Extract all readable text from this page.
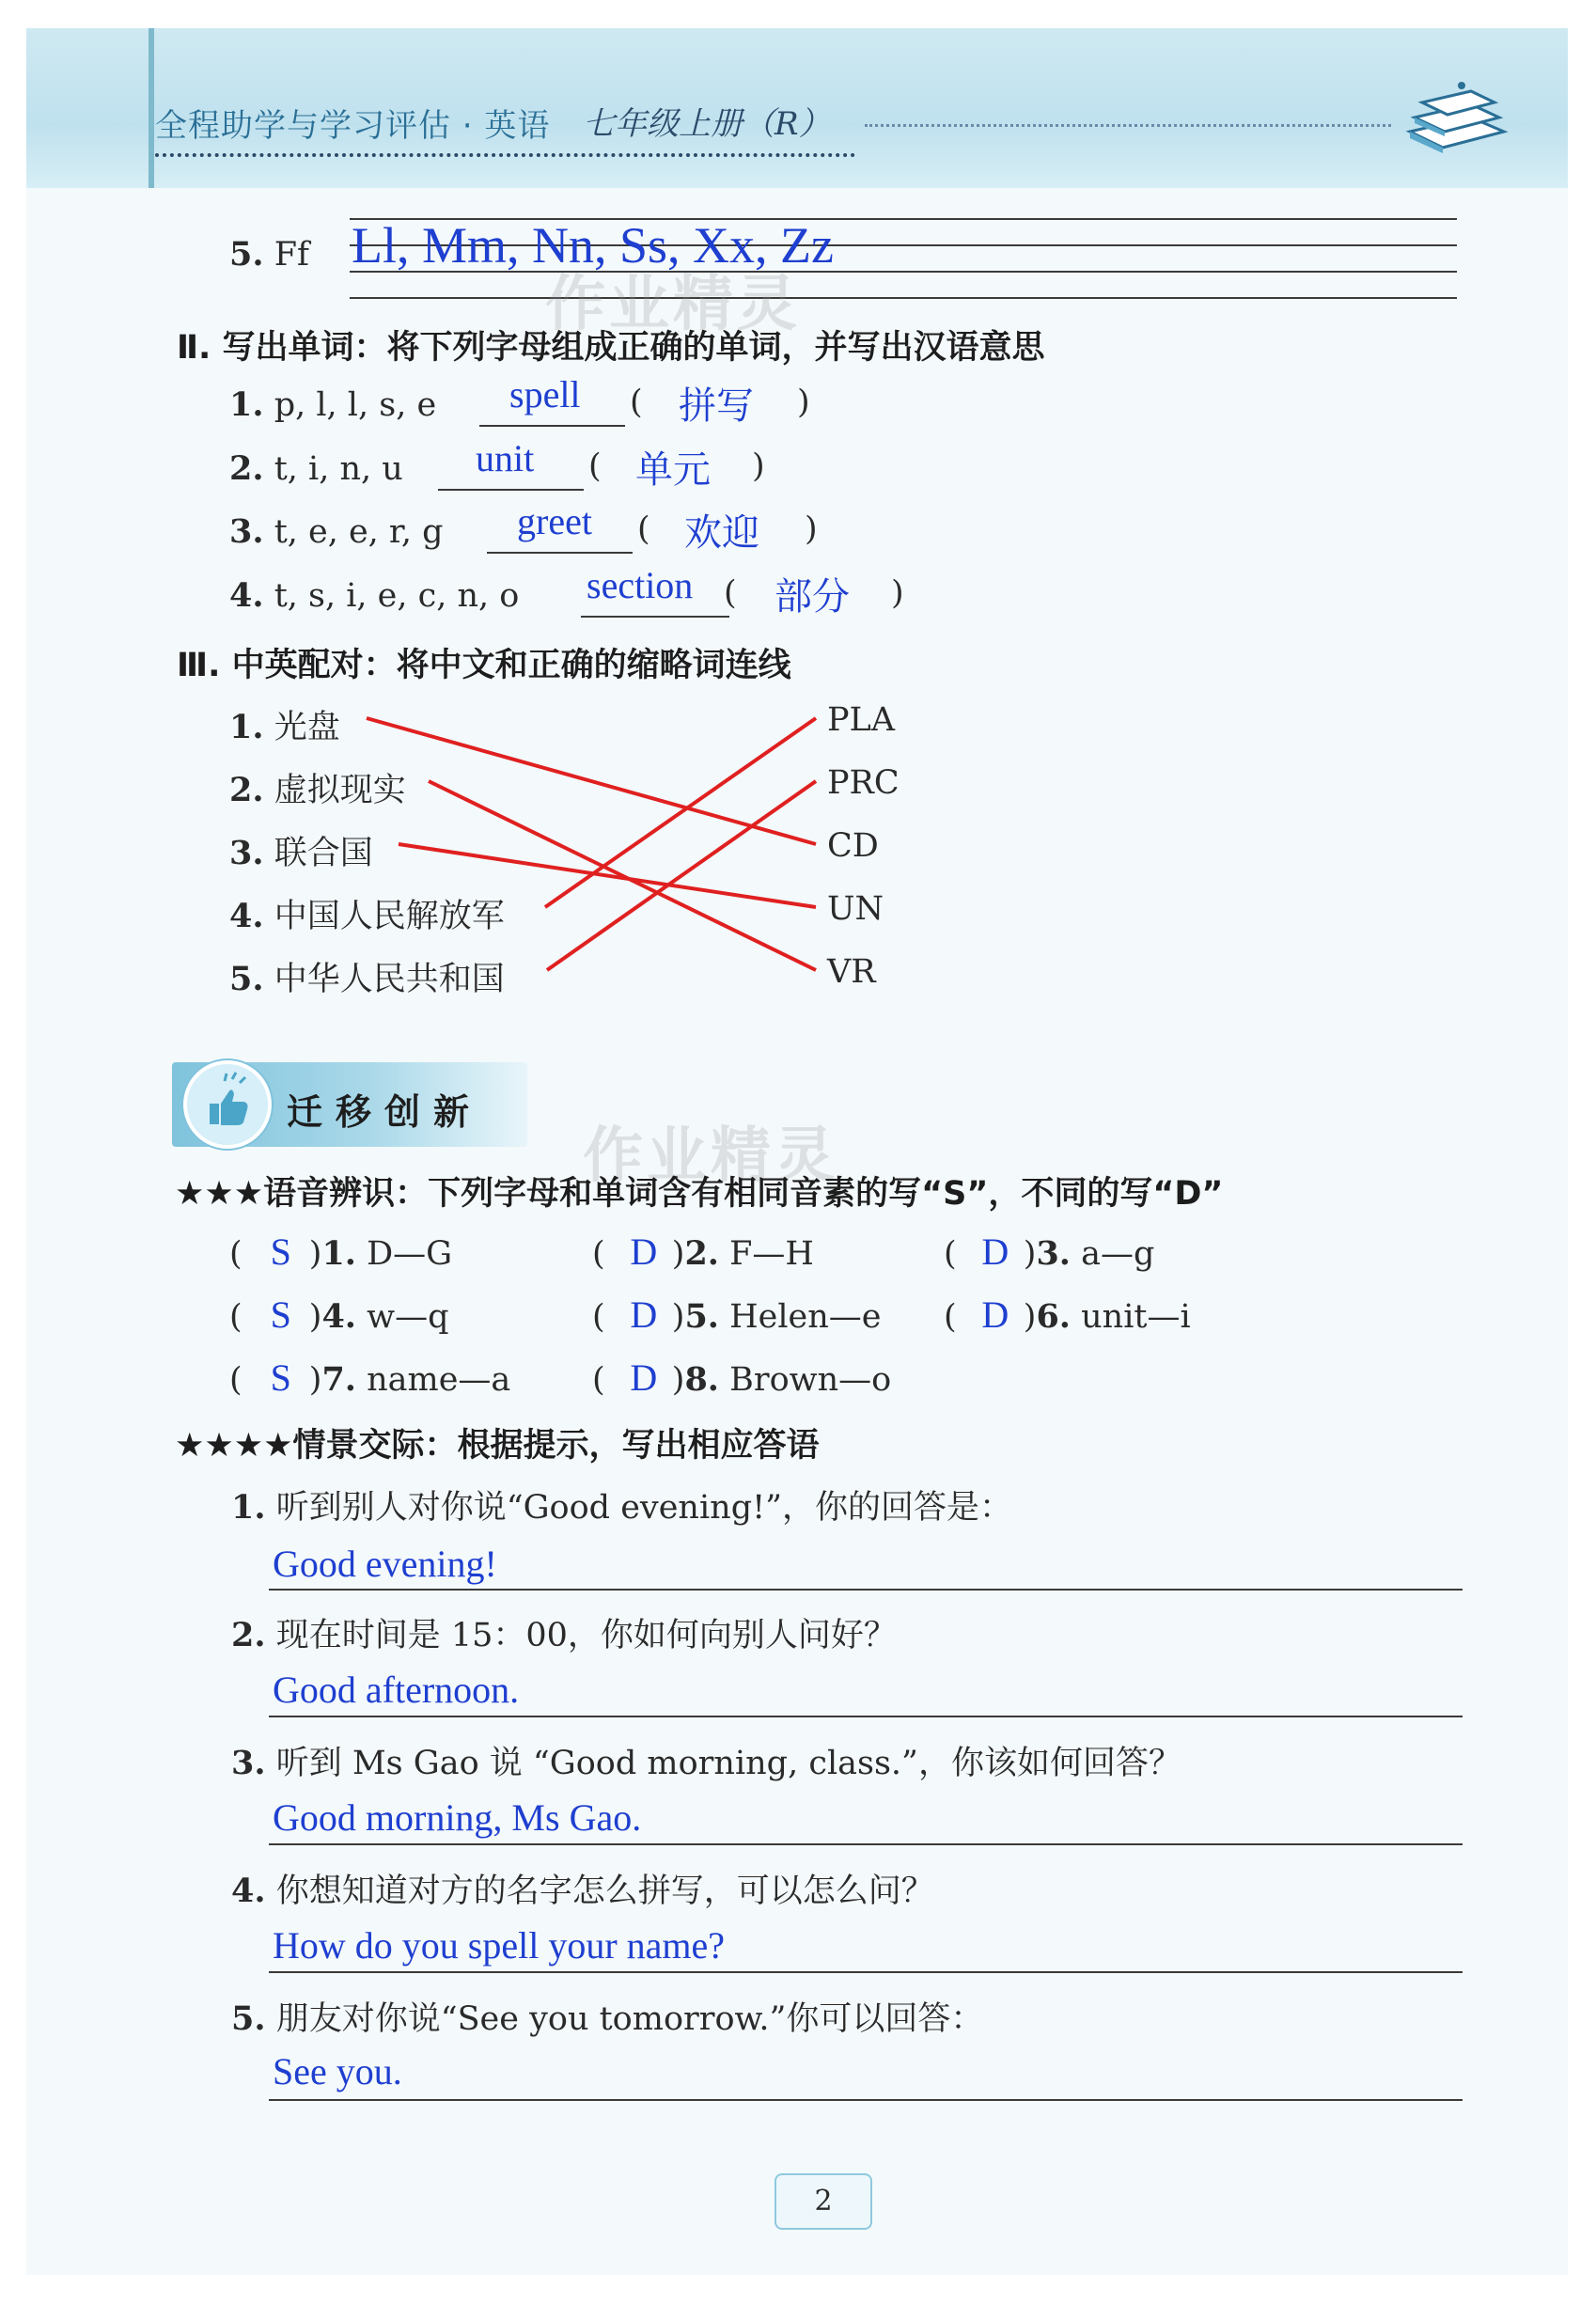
全程助学与学习评估 · 英语 七年级上册（R）
5. Ff Ll, Mm, Nn, Ss, Xx, Zz
作业精灵
Ⅱ. 写出单词：将下列字母组成正确的单词，并写出汉语意思
1. p, l, l, s, e spell ( 拼写 )
2. t, i, n, u unit ( 单元 )
3. t, e, e, r, g greet ( 欢迎 )
4. t, s, i, e, c, n, o section ( 部分 )
Ⅲ. 中英配对：将中文和正确的缩略词连线
1. 光盘
2. 虚拟现实
3. 联合国
4. 中国人民解放军
5. 中华人民共和国
PLA
PRC
CD
UN
VR
迁移创新
作业精灵
★★★语音辨识：下列字母和单词含有相同音素的写“S”，不同的写“D”
( S )1. D—G	( D )2. F—H	( D )3. a—g
( S )4. w—q	( D )5. Helen—e ( D )6. unit—i
( S )7. name—a ( D )8. Brown—o
★★★★情景交际：根据提示，写出相应答语
1. 听到别人对你说“Good evening!”，你的回答是：
Good evening!
2. 现在时间是 15：00，你如何向别人问好？
Good afternoon.
3. 听到 Ms Gao 说 “Good morning, class.”，你该如何回答？
Good morning, Ms Gao.
4. 你想知道对方的名字怎么拼写，可以怎么问？
How do you spell your name?
5. 朋友对你说“See you tomorrow.”你可以回答：
See you.
2
